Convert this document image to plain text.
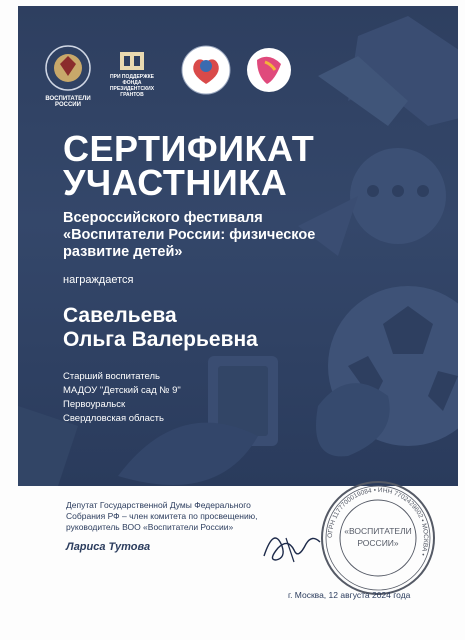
ВОСПИТАТЕЛИ РОССИИ
ПРИ ПОДДЕРЖКЕ
ФОНДА
ПРЕЗИДЕНТСКИХ
ГРАНТОВ
СЕРТИФИКАТ
УЧАСТНИКА
Всероссийского фестиваля
«Воспитатели России: физическое
развитие детей»
награждается
Савельева
Ольга Валерьевна
Старший воспитатель
МАДОУ "Детский сад № 9"
Первоуральск
Свердловская область
Депутат Государственной Думы Федерального
Собрания РФ – член комитета по просвещению,
руководитель ВОО «Воспитатели России»
Лариса Тутова
ОГРН 1177700019084 • ИНН 7702429602 • МОСКВА •
«ВОСПИТАТЕЛИ
РОССИИ»
г. Москва, 12 августа 2024 года
